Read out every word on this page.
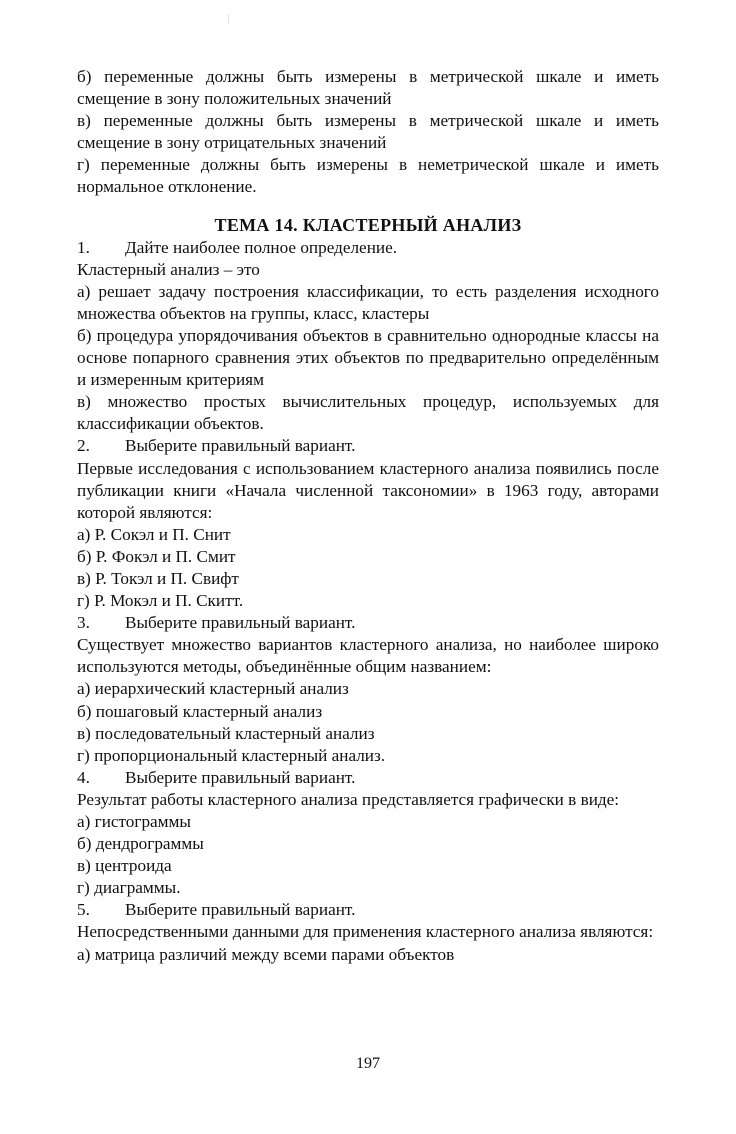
б) переменные должны быть измерены в метрической шкале и иметь смещение в зону положительных значений

в) переменные должны быть измерены в метрической шкале и иметь смещение в зону отрицательных значений

г) переменные должны быть измерены в неметрической шкале и иметь нормальное отклонение.

ТЕМА 14. КЛАСТЕРНЫЙ АНАЛИЗ
1.	Дайте наиболее полное определение.

Кластерный анализ – это

а) решает задачу построения классификации, то есть разделения исходного множества объектов на группы, класс, кластеры

б) процедура упорядочивания объектов в сравнительно однородные классы на основе попарного сравнения этих объектов по предварительно определённым и измеренным критериям

в) множество простых вычислительных процедур, используемых для классификации объектов.

2.	Выберите правильный вариант.

Первые исследования с использованием кластерного анализа появились после публикации книги «Начала численной таксономии» в 1963 году, авторами которой являются:

а) Р. Сокэл и П. Снит

б) Р. Фокэл и П. Смит

в) Р. Токэл и П. Свифт

г) Р. Мокэл и П. Скитт.

3.	Выберите правильный вариант.

Существует множество вариантов кластерного анализа, но наиболее широко используются методы, объединённые общим названием:

а) иерархический кластерный анализ

б) пошаговый кластерный анализ

в) последовательный кластерный анализ

г) пропорциональный кластерный анализ.

4.	Выберите правильный вариант.

Результат работы кластерного анализа представляется графически в виде:

а) гистограммы

б) дендрограммы

в) центроида

г) диаграммы.

5.	Выберите правильный вариант.

Непосредственными данными для применения кластерного анализа являются:

а) матрица различий между всеми парами объектов

197
